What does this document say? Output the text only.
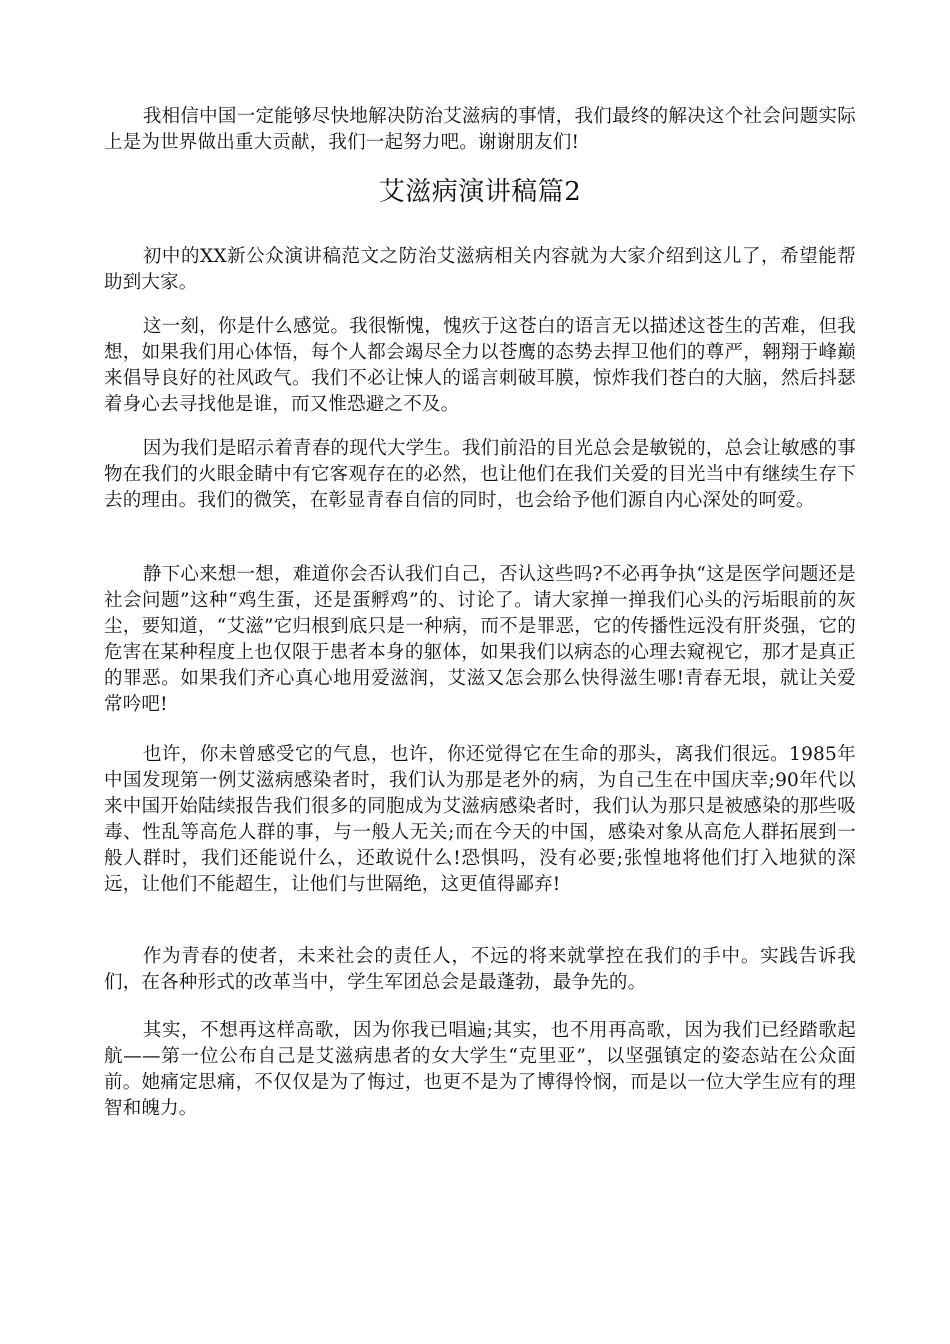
我相信中国一定能够尽快地解决防治艾滋病的事情，我们最终的解决这个社会问题实际上是为世界做出重大贡献，我们一起努力吧。谢谢朋友们!

艾滋病演讲稿篇2

初中的XX新公众演讲稿范文之防治艾滋病相关内容就为大家介绍到这儿了，希望能帮助到大家。

这一刻，你是什么感觉。我很惭愧，愧疚于这苍白的语言无以描述这苍生的苦难，但我想，如果我们用心体悟，每个人都会竭尽全力以苍鹰的态势去捍卫他们的尊严，翱翔于峰巅来倡导良好的社风政气。我们不必让悚人的谣言刺破耳膜，惊炸我们苍白的大脑，然后抖瑟着身心去寻找他是谁，而又惟恐避之不及。

因为我们是昭示着青春的现代大学生。我们前沿的目光总会是敏锐的，总会让敏感的事物在我们的火眼金睛中有它客观存在的必然，也让他们在我们关爱的目光当中有继续生存下去的理由。我们的微笑，在彰显青春自信的同时，也会给予他们源自内心深处的呵爱。

静下心来想一想，难道你会否认我们自己，否认这些吗?不必再争执“这是医学问题还是社会问题”这种“鸡生蛋，还是蛋孵鸡”的、讨论了。请大家掸一掸我们心头的污垢眼前的灰尘，要知道，“艾滋”它归根到底只是一种病，而不是罪恶，它的传播性远没有肝炎强，它的危害在某种程度上也仅限于患者本身的躯体，如果我们以病态的心理去窥视它，那才是真正的罪恶。如果我们齐心真心地用爱滋润，艾滋又怎会那么快得滋生哪!青春无垠，就让关爱常吟吧!

也许，你未曾感受它的气息，也许，你还觉得它在生命的那头，离我们很远。1985年中国发现第一例艾滋病感染者时，我们认为那是老外的病，为自己生在中国庆幸;90年代以来中国开始陆续报告我们很多的同胞成为艾滋病感染者时，我们认为那只是被感染的那些吸毒、性乱等高危人群的事，与一般人无关;而在今天的中国，感染对象从高危人群拓展到一般人群时，我们还能说什么，还敢说什么!恐惧吗，没有必要;张惶地将他们打入地狱的深远，让他们不能超生，让他们与世隔绝，这更值得鄙弃!

作为青春的使者，未来社会的责任人，不远的将来就掌控在我们的手中。实践告诉我们，在各种形式的改革当中，学生军团总会是最蓬勃，最争先的。

其实，不想再这样高歌，因为你我已唱遍;其实，也不用再高歌，因为我们已经踏歌起航——第一位公布自己是艾滋病患者的女大学生“克里亚”，以坚强镇定的姿态站在公众面前。她痛定思痛，不仅仅是为了悔过，也更不是为了博得怜悯，而是以一位大学生应有的理智和魄力。
